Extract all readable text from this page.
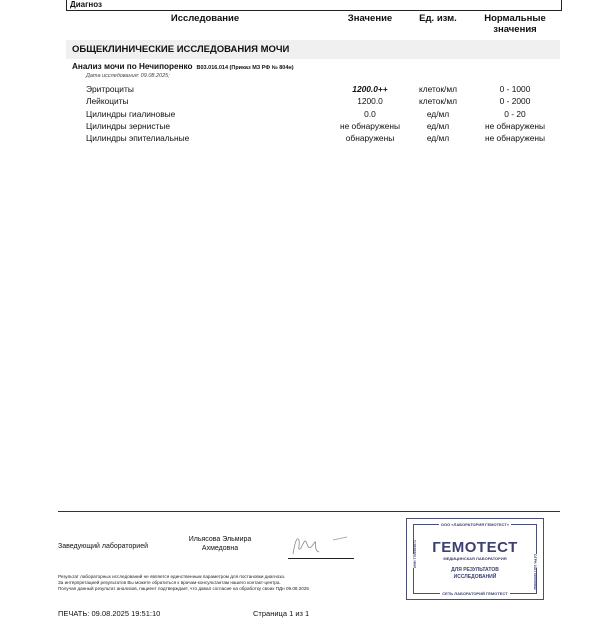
Диагноз
Исследование	Значение	Ед. изм.	Нормальные
значения
ОБЩЕКЛИНИЧЕСКИЕ ИССЛЕДОВАНИЯ МОЧИ
Анализ мочи по Нечипоренко B03.016.014 (Приказ МЗ РФ № 804н)
Дата исследования: 09.08.2025;
Эритроциты	1200.0++	клеток/мл	0 - 1000
Лейкоциты	1200.0	клеток/мл	0 - 2000
Цилиндры гиалиновые	0.0	ед/мл	0 - 20
Цилиндры зернистые	не обнаружены	ед/мл	не обнаружены
Цилиндры эпителиальные	обнаружены	ед/мл	не обнаружены
Заведующий лабораторией
Ильясова Эльмира
Ахмедовна
Результат лабораторных исследований не является единственным параметром для постановки диагноза.
За интерпретацией результатов Вы можете обратиться к врачам-консультантам нашего контакт-центра.
Получая данный результат анализов, пациент подтверждает, что давал согласие на обработку своих ПДн 09.08.2025
ПЕЧАТЬ: 09.08.2025 19:51:10	Страница 1 из 1
ООО «ЛАБОРАТОРИЯ ГЕМОТЕСТ»
ГЕМОТЕСТ
МЕДИЦИНСКАЯ ЛАБОРАТОРИЯ
ДЛЯ РЕЗУЛЬТАТОВ
ИССЛЕДОВАНИЙ
СЕТЬ ЛАБОРАТОРИЙ ГЕМОТЕСТ
ИНН 7706553571
ОГРН 1027700050842
